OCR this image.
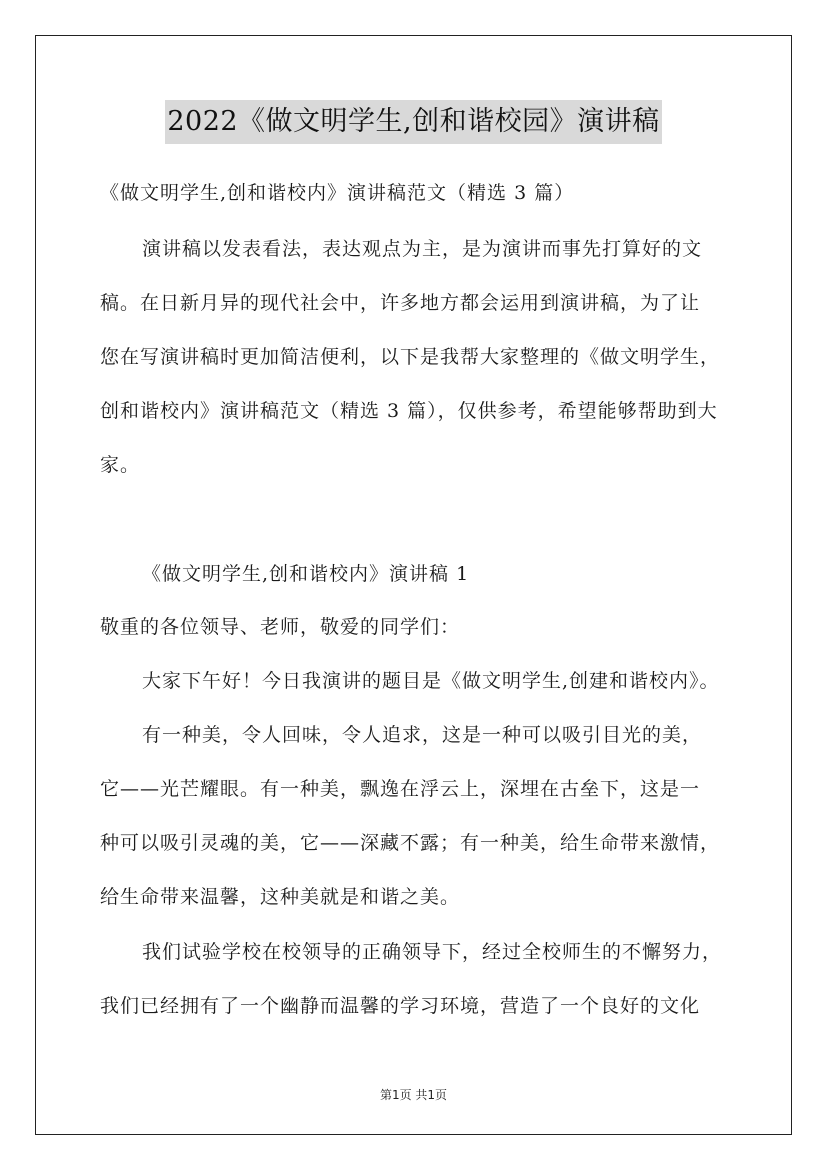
2022《做文明学生,创和谐校园》演讲稿
《做文明学生,创和谐校内》演讲稿范文（精选 3 篇）
演讲稿以发表看法，表达观点为主，是为演讲而事先打算好的文
稿。在日新月异的现代社会中，许多地方都会运用到演讲稿，为了让
您在写演讲稿时更加简洁便利，以下是我帮大家整理的《做文明学生，
创和谐校内》演讲稿范文（精选 3 篇），仅供参考，希望能够帮助到大
家。
《做文明学生,创和谐校内》演讲稿 1
敬重的各位领导、老师，敬爱的同学们：
大家下午好！今日我演讲的题目是《做文明学生,创建和谐校内》。
有一种美，令人回味，令人追求，这是一种可以吸引目光的美，
它——光芒耀眼。有一种美，飘逸在浮云上，深埋在古垒下，这是一
种可以吸引灵魂的美，它——深藏不露；有一种美，给生命带来激情，
给生命带来温馨，这种美就是和谐之美。
我们试验学校在校领导的正确领导下，经过全校师生的不懈努力，
我们已经拥有了一个幽静而温馨的学习环境，营造了一个良好的文化
第1页 共1页
